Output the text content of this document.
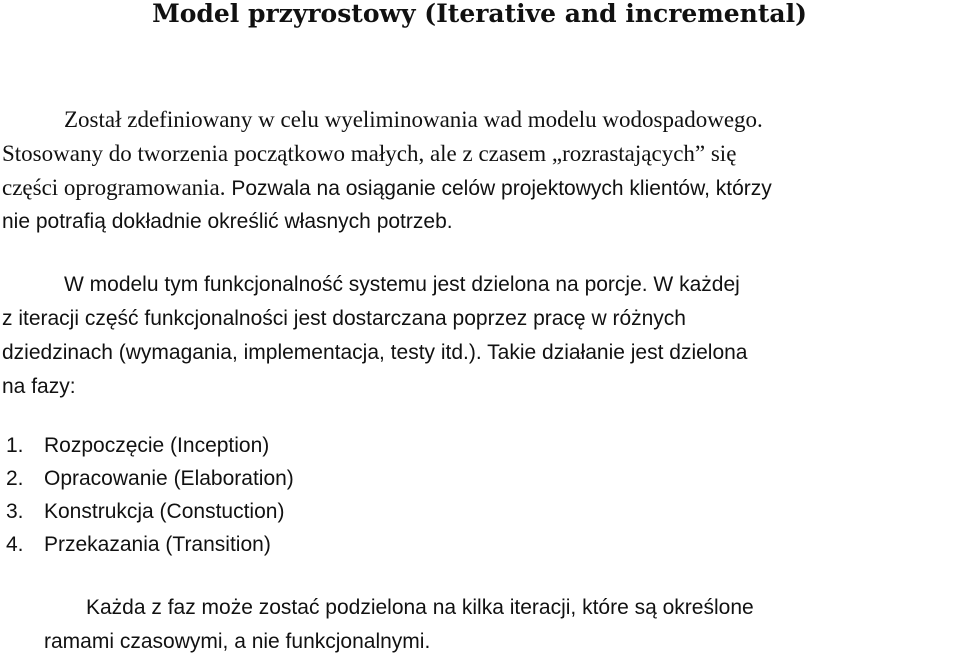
Model przyrostowy (Iterative and incremental)
Został zdefiniowany w celu wyeliminowania wad modelu wodospadowego.
Stosowany do tworzenia początkowo małych, ale z czasem „rozrastających” się
części oprogramowania. Pozwala na osiąganie celów projektowych klientów, którzy
nie potrafią dokładnie określić własnych potrzeb.
W modelu tym funkcjonalność systemu jest dzielona na porcje. W każdej
z iteracji część funkcjonalności jest dostarczana poprzez pracę w różnych
dziedzinach (wymagania, implementacja, testy itd.). Takie działanie jest dzielona
na fazy:
1. Rozpoczęcie (Inception)
2. Opracowanie (Elaboration)
3. Konstrukcja (Constuction)
4. Przekazania (Transition)
Każda z faz może zostać podzielona na kilka iteracji, które są określone
ramami czasowymi, a nie funkcjonalnymi.
